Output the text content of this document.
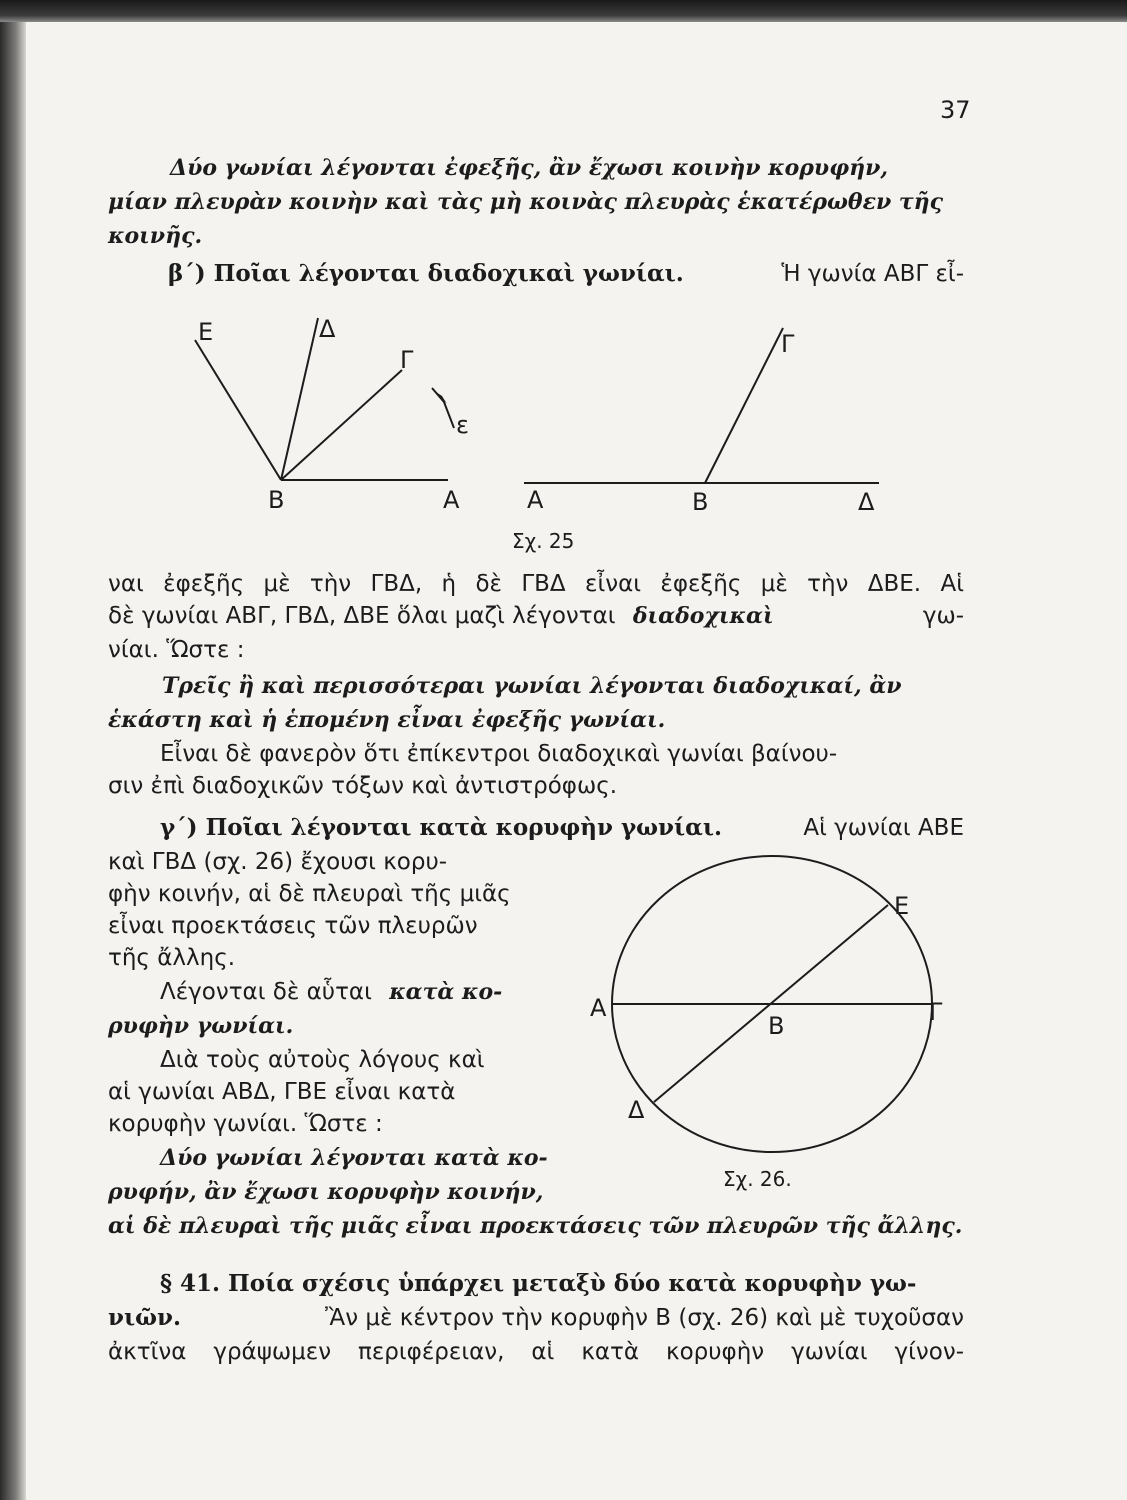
37
Δύο γωνίαι λέγονται ἐφεξῆς, ἂν ἔχωσι κοινὴν κορυφήν,
μίαν πλευρὰν κοινὴν καὶ τὰς μὴ κοινὰς πλευρὰς ἑκατέρωθεν τῆς
κοινῆς.
β΄) Ποῖαι λέγονται διαδοχικαὶ γωνίαι.	Ἡ γωνία ΑΒΓ εἶ-
Ε	Δ
Γ
ε
Β	Α
Γ
Α	Β	Δ
Σχ. 25
Ε
Α
Β	Γ
Δ
Σχ. 26.
ναι ἐφεξῆς μὲ τὴν ΓΒΔ, ἡ δὲ ΓΒΔ εἶναι ἐφεξῆς μὲ τὴν ΔΒΕ. Αἱ
δὲ γωνίαι ΑΒΓ, ΓΒΔ, ΔΒΕ ὅλαι μαζὶ λέγονται διαδοχικαὶ	γω-
νίαι. Ὥστε :
Τρεῖς ἢ καὶ περισσότεραι γωνίαι λέγονται διαδοχικαί, ἂν
ἑκάστη καὶ ἡ ἑπομένη εἶναι ἐφεξῆς γωνίαι.
Εἶναι δὲ φανερὸν ὅτι ἐπίκεντροι διαδοχικαὶ γωνίαι βαίνου-
σιν ἐπὶ διαδοχικῶν τόξων καὶ ἀντιστρόφως.
γ΄) Ποῖαι λέγονται κατὰ κορυφὴν γωνίαι.	Αἱ γωνίαι ΑΒΕ
καὶ ΓΒΔ (σχ. 26) ἔχουσι κορυ-
φὴν κοινήν, αἱ δὲ πλευραὶ τῆς μιᾶς
εἶναι προεκτάσεις τῶν πλευρῶν
τῆς ἄλλης.
Λέγονται δὲ αὗται κατὰ κο-
ρυφὴν γωνίαι.
Διὰ τοὺς αὐτοὺς λόγους καὶ
αἱ γωνίαι ΑΒΔ, ΓΒΕ εἶναι κατὰ
κορυφὴν γωνίαι. Ὥστε :
Δύο γωνίαι λέγονται κατὰ κο-
ρυφήν, ἂν ἔχωσι κορυφὴν κοινήν,
αἱ δὲ πλευραὶ τῆς μιᾶς εἶναι προεκτάσεις τῶν πλευρῶν τῆς ἄλλης.
§ 41. Ποία σχέσις ὑπάρχει μεταξὺ δύο κατὰ κορυφὴν γω-
νιῶν.	Ἂν μὲ κέντρον τὴν κορυφὴν Β (σχ. 26) καὶ μὲ τυχοῦσαν
ἀκτῖνα γράψωμεν περιφέρειαν, αἱ κατὰ κορυφὴν γωνίαι γίνον-
